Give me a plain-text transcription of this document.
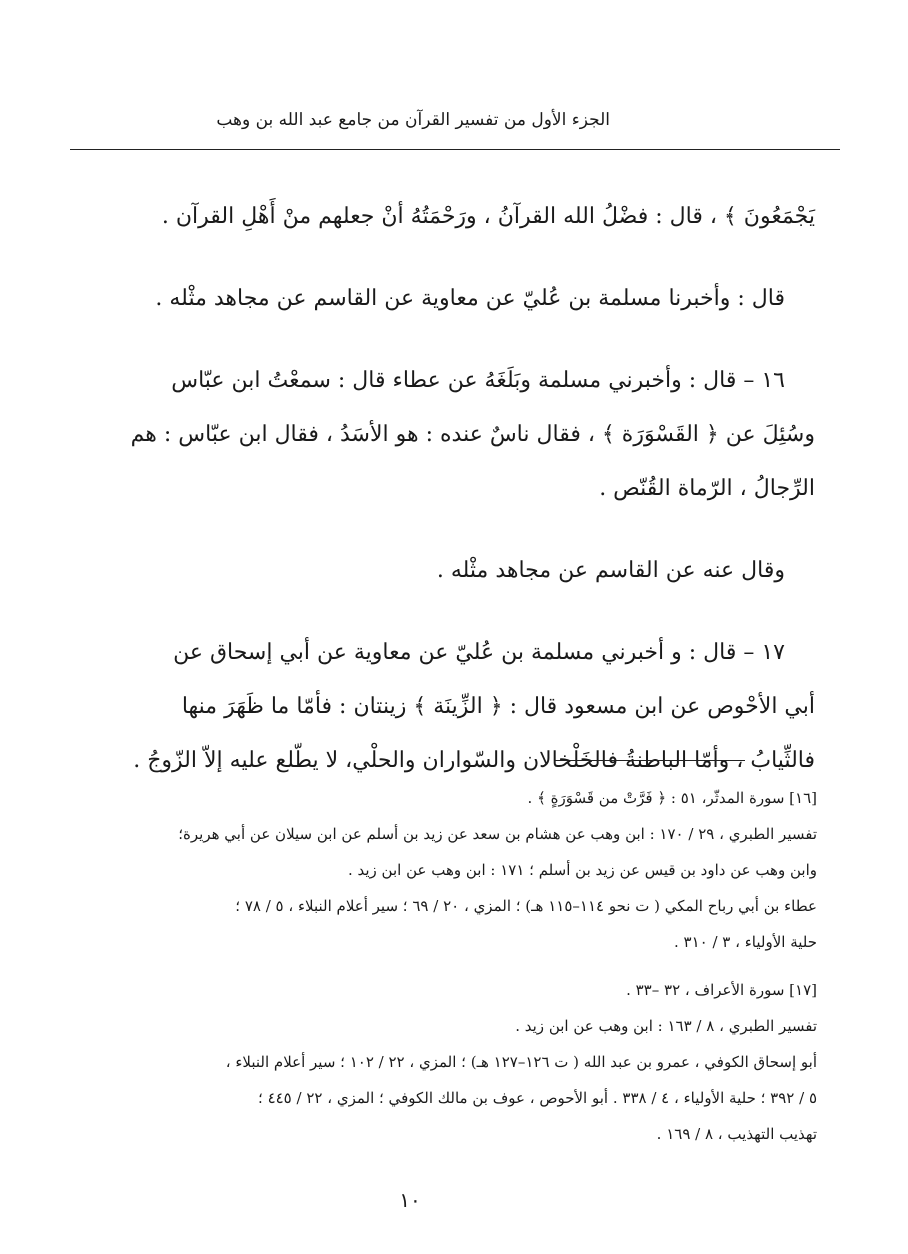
الجزء الأول من تفسير القرآن من جامع عبد الله بن وهب

يَجْمَعُونَ ﴾ ، قال : فضْلُ الله القرآنُ ، ورَحْمَتُهُ أنْ جعلهم منْ أَهْلِ القرآن .

قال : وأخبرنا مسلمة بن عُليّ عن معاوية عن القاسم عن مجاهد مثْله .

١٦ – قال : وأخبرني مسلمة وبَلَغَهُ عن عطاء قال : سمعْتُ ابن عبّاس

وسُئِلَ عن ﴿ القَسْوَرَة ﴾ ، فقال ناسٌ عنده : هو الأسَدُ ، فقال ابن عبّاس : هم

الرِّجالُ ، الرّماة القُنّص .

وقال عنه عن القاسم عن مجاهد مثْله .

١٧ – قال : و أخبرني مسلمة بن عُليّ عن معاوية عن أبي إسحاق عن

أبي الأحْوص عن ابن مسعود قال : ﴿ الزِّينَة ﴾ زينتان : فأمّا ما ظَهَرَ منها

فالثِّيابُ ، وأمّا الباطنةُ فالخَلْخالان والسّواران والحلْي، لا يطّلع عليه إلاّ الزّوجُ .

[١٦] سورة المدثّر، ٥١ : ﴿ فَرَّتْ من قَسْوَرَةٍ ﴾ .

تفسير الطبري ، ٢٩ / ١٧٠ : ابن وهب عن هشام بن سعد عن زيد بن أسلم عن ابن سيلان عن أبي هريرة؛

وابن وهب عن داود بن قيس عن زيد بن أسلم ؛ ١٧١ : ابن وهب عن ابن زيد .

عطاء بن أبي رباح المكي ( ت نحو ١١٤–١١٥ هـ) ؛ المزي ، ٢٠ / ٦٩ ؛ سير أعلام النبلاء ، ٥ / ٧٨ ؛

حلية الأولياء ، ٣ / ٣١٠ .

[١٧] سورة الأعراف ، ٣٢ –٣٣ .

تفسير الطبري ، ٨ / ١٦٣ : ابن وهب عن ابن زيد .

أبو إسحاق الكوفي ، عمرو بن عبد الله ( ت ١٢٦–١٢٧ هـ) ؛ المزي ، ٢٢ / ١٠٢ ؛ سير أعلام النبلاء ،

٥ / ٣٩٢ ؛ حلية الأولياء ، ٤ / ٣٣٨ . أبو الأحوص ، عوف بن مالك الكوفي ؛ المزي ، ٢٢ / ٤٤٥ ؛

تهذيب التهذيب ، ٨ / ١٦٩ .

١٠
